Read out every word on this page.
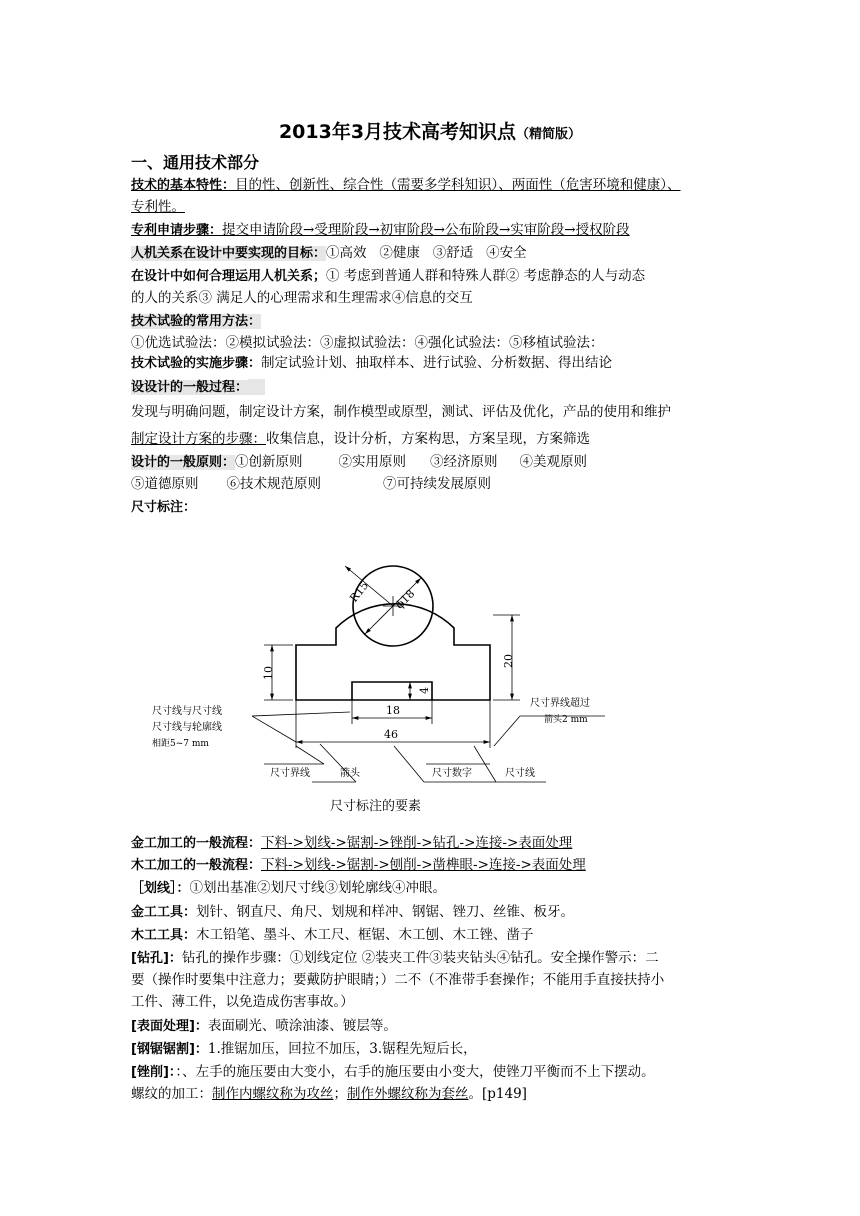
2013年3月技术高考知识点（精简版）
一、通用技术部分
技术的基本特性：目的性、创新性、综合性（需要多学科知识）、两面性（危害环境和健康）、
专利性。
专利申请步骤：提交申请阶段→受理阶段→初审阶段→公布阶段→实审阶段→授权阶段
人机关系在设计中要实现的目标：①高效 ②健康 ③舒适 ④安全
在设计中如何合理运用人机关系；① 考虑到普通人群和特殊人群② 考虑静态的人与动态
的人的关系③ 满足人的心理需求和生理需求④信息的交互
技术试验的常用方法：
①优选试验法：②模拟试验法：③虚拟试验法：④强化试验法：⑤移植试验法：
技术试验的实施步骤：制定试验计划、抽取样本、进行试验、分析数据、得出结论
设设计的一般过程：
发现与明确问题，制定设计方案，制作模型或原型，测试、评估及优化，产品的使用和维护
制定设计方案的步骤：收集信息，设计分析，方案构思，方案呈现，方案筛选
设计的一般原则：①创新原则	②实用原则 ③经济原则 ④美观原则
⑤道德原则 ⑥技术规范原则	⑦可持续发展原则
尺寸标注：
R15 ϕ18
20
10
4
18
46
尺寸线与尺寸线
尺寸线与轮廓线
相距5~7 mm
尺寸界线超过
箭头2 mm
尺寸界线	箭头	尺寸数字	尺寸线
尺寸标注的要素
金工加工的一般流程：下料->划线->锯割->锉削->钻孔->连接->表面处理
木工加工的一般流程：下料->划线->锯割->刨削->凿榫眼->连接->表面处理
［划线］：①划出基准②划尺寸线③划轮廓线④冲眼。
金工工具：划针、钢直尺、角尺、划规和样冲、钢锯、锉刀、丝锥、板牙。
木工工具：木工铅笔、墨斗、木工尺、框锯、木工刨、木工锉、凿子
[钻孔]：钻孔的操作步骤：①划线定位 ②装夹工件③装夹钻头④钻孔。安全操作警示：二
要（操作时要集中注意力；要戴防护眼睛；）二不（不准带手套操作；不能用手直接扶持小
工件、薄工件，以免造成伤害事故。）
[表面处理]：表面刷光、喷涂油漆、镀层等。
[钢锯锯割]：1.推锯加压，回拉不加压，3.锯程先短后长，
[锉削]：：、左手的施压要由大变小，右手的施压要由小变大，使锉刀平衡而不上下摆动。
螺纹的加工：制作内螺纹称为攻丝；制作外螺纹称为套丝。[p149]
